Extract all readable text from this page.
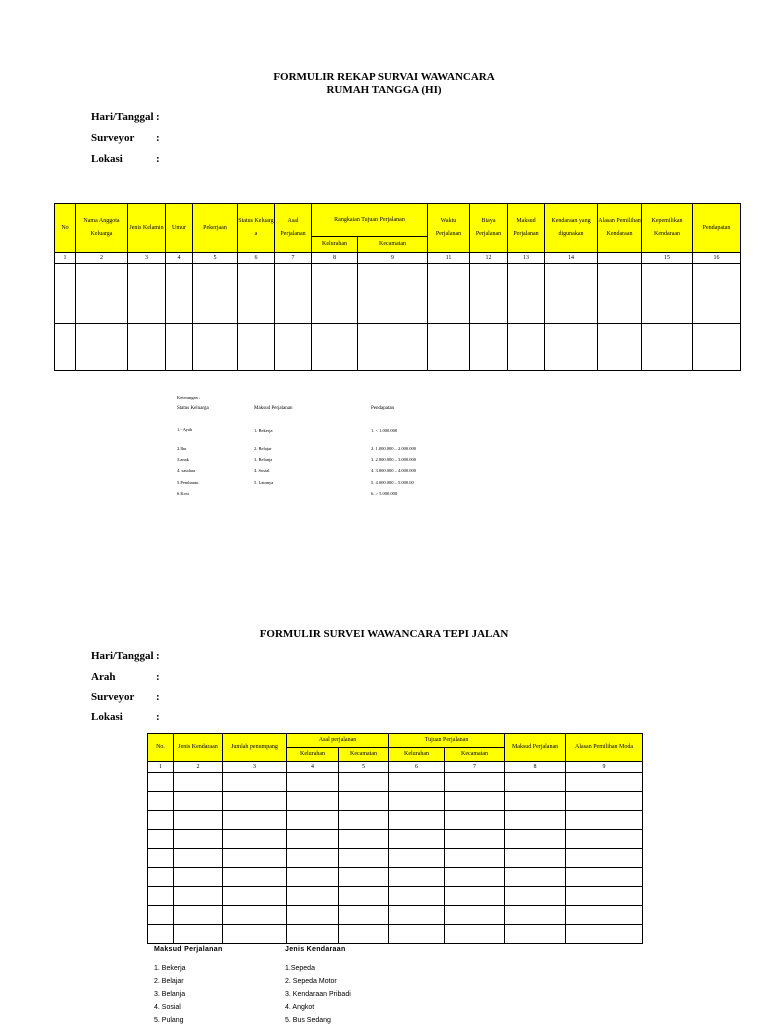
FORMULIR REKAP SURVAI WAWANCARA
RUMAH TANGGA (HI)
Hari/Tanggal :
Surveyor :
Lokasi	:
No	Nama Anggota Keluarga	Jenis Kelamin	Umur	Pekerjaan	Status Keluarg a	Asal Perjalanan	Rangkaian Tujuan Perjalanan		Waktu Perjalanan	Biaya Perjalanan	Maksud Perjalanan	Kendaraan yang digunakan	Alasan Pemilihan Kendaraan	Kepemilikan Kendaraan	Pendapatan
							Kelurahan	Kecamatan							
1	2	3	4	5	6	7	8	9	11	12	13	14		15	16

Keterangan :
Status Keluarga	Maksud Perjalanan	Pendapatan
1.- Ayah
2.Ibu
3.anak
4. saudara
5.Pembantu
6.Kost
1. Bekerja
2. Belajar
3. Belanja
4. Sosial
5. Lainnya
1. < 1.000.000
2. 1.000.000 – 2.000.000
3. 2.000.000 – 3.000.000
4. 3.000.000 – 4.000.000
5. 4.000.000 – 5.000.00
6. > 5.000.000
FORMULIR SURVEI WAWANCARA TEPI JALAN
Hari/Tanggal :
Arah	:
Surveyor :
Lokasi	:
No.	Jenis Kendaraan	Jumlah penumpang	Asal perjalanan		Tujuan Perjalanan		Maksud Perjalanan	Alasan Pemilihan Moda
			Kelurahan	Kecamatan	Kelurahan	Kecamatan		
1	2	3	4	5	6	7	8	9

Maksud Perjalanan
1. Bekerja
2. Belajar
3. Belanja
4. Sosial
5. Pulang
Jenis Kendaraan
1.Sepeda
2. Sepeda Motor
3. Kendaraan Pribadi
4. Angkot
5. Bus Sedang
